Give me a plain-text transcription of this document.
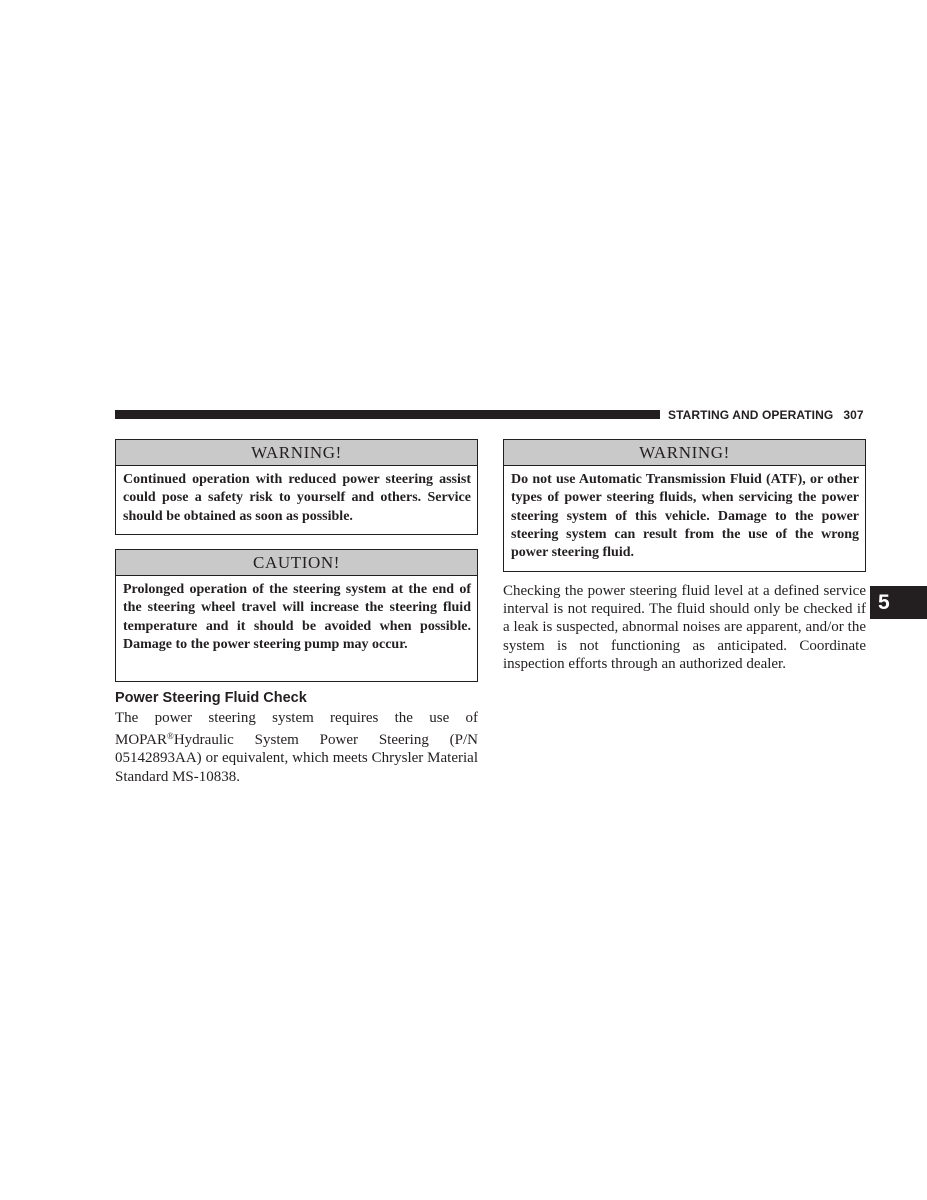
STARTING AND OPERATING 307
5
WARNING!
Continued operation with reduced power steering assist could pose a safety risk to yourself and others. Service should be obtained as soon as possible.
CAUTION!
Prolonged operation of the steering system at the end of the steering wheel travel will increase the steering fluid temperature and it should be avoided when possible. Damage to the power steering pump may occur.
Power Steering Fluid Check
The power steering system requires the use of MOPAR®Hydraulic System Power Steering (P/N 05142893AA) or equivalent, which meets Chrysler Material Standard MS-10838.
WARNING!
Do not use Automatic Transmission Fluid (ATF), or other types of power steering fluids, when servicing the power steering system of this vehicle. Damage to the power steering system can result from the use of the wrong power steering fluid.
Checking the power steering fluid level at a defined service interval is not required. The fluid should only be checked if a leak is suspected, abnormal noises are apparent, and/or the system is not functioning as anticipated. Coordinate inspection efforts through an authorized dealer.
